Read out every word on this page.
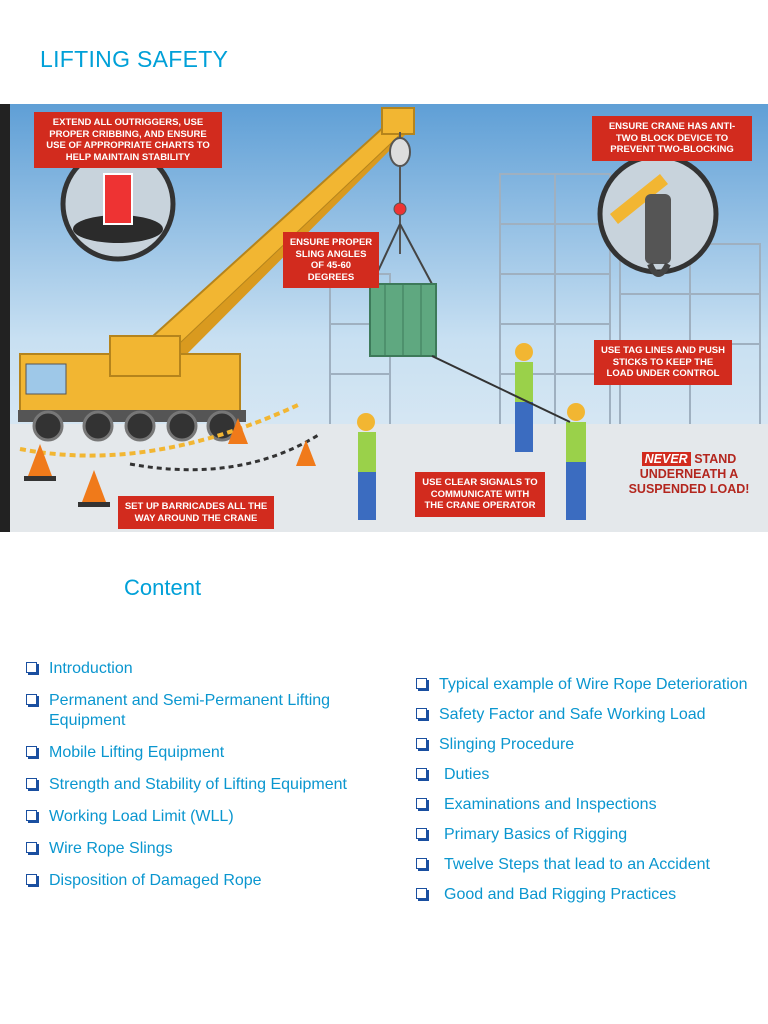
LIFTING SAFETY
EXTEND ALL OUTRIGGERS, USE PROPER CRIBBING, AND ENSURE USE OF APPROPRIATE CHARTS TO HELP MAINTAIN STABILITY
ENSURE PROPER SLING ANGLES OF 45-60 DEGREES
ENSURE CRANE HAS ANTI-TWO BLOCK DEVICE TO PREVENT TWO-BLOCKING
USE TAG LINES AND PUSH STICKS TO KEEP THE LOAD UNDER CONTROL
USE CLEAR SIGNALS TO COMMUNICATE WITH THE CRANE OPERATOR
SET UP BARRICADES ALL THE WAY AROUND THE CRANE
NEVER STAND UNDERNEATH A SUSPENDED LOAD!
Content
Introduction
Permanent and Semi-Permanent Lifting Equipment
Mobile Lifting Equipment
Strength and Stability of Lifting Equipment
Working Load Limit (WLL)
Wire Rope Slings
Disposition of Damaged Rope
Typical example of Wire Rope Deterioration
Safety Factor and Safe Working Load
Slinging Procedure
Duties
Examinations and Inspections
Primary Basics of Rigging
Twelve Steps that lead to an Accident
Good and Bad Rigging Practices
